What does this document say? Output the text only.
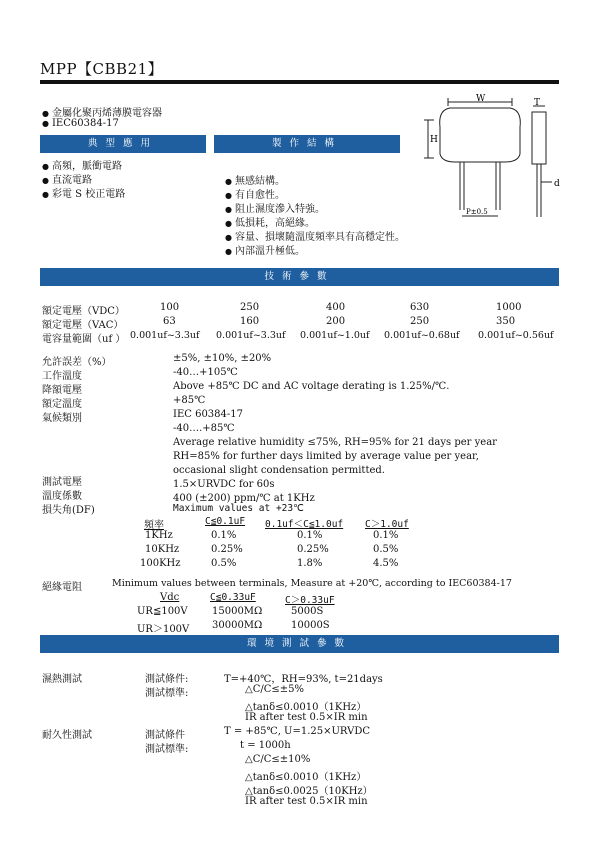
MPP【CBB21】
● 金屬化聚丙烯薄膜電容器
● IEC60384-17
典型應用	製作結構
● 高頻，脈衝電路
● 直流電路
● 彩電 S 校正電路
● 無感結構。
● 有自愈性。
● 阻止濕度滲入特強。
● 低損耗，高絕緣。
● 容量、損壞隨溫度頻率具有高穩定性。
● 內部溫升極低。
W	T
H
d
P±0.5
技術參數
額定電壓（VDC）	100	250	400	630	1000
額定電壓（VAC）	63	160	200	250	350
電容量範圍（uf ） 0.001uf~3.3uf 0.001uf~3.3uf 0.001uf~1.0uf 0.001uf~0.68uf 0.001uf~0.56uf
允許誤差（%）	±5%, ±10%, ±20%
工作溫度	-40…+105℃
降額電壓	Above +85℃ DC and AC voltage derating is 1.25%/℃.
額定溫度	+85℃
氣候類別	IEC 60384-17
-40….+85℃
Average relative humidity ≤75%, RH=95% for 21 days per year
RH=85% for further days limited by average value per year,
occasional slight condensation permitted.
測試電壓	1.5×URVDC for 60s
溫度係數	400 (±200) ppm/℃ at 1KHz
損失角(DF)	Maximum values at +23℃
頻率	C≦0.1uF 0.1uf＜C≦1.0uf C＞1.0uf
1KHz	0.1%	0.1%	0.1%
10KHz	0.25%	0.25%	0.5%
100KHz	0.5%	1.8%	4.5%
絕緣電阻	Minimum values between terminals, Measure at +20℃, according to IEC60384-17
Vdc	C≦0.33uF	C＞0.33uF
UR≦100V 15000MΩ	5000S
UR＞100V 30000MΩ	10000S
環境測試參數
濕熱測試	測試條件:	T=+40℃，RH=93%, t=21days
測試標準:	△C/C≤±5%
△tanδ≤0.0010（1KHz）
IR after test 0.5×IR min
耐久性測試	測試條件	T = +85℃, U=1.25×URVDC
測試標準:	t = 1000h
△C/C≤±10%
△tanδ≤0.0010（1KHz）
△tanδ≤0.0025（10KHz）
IR after test 0.5×IR min
